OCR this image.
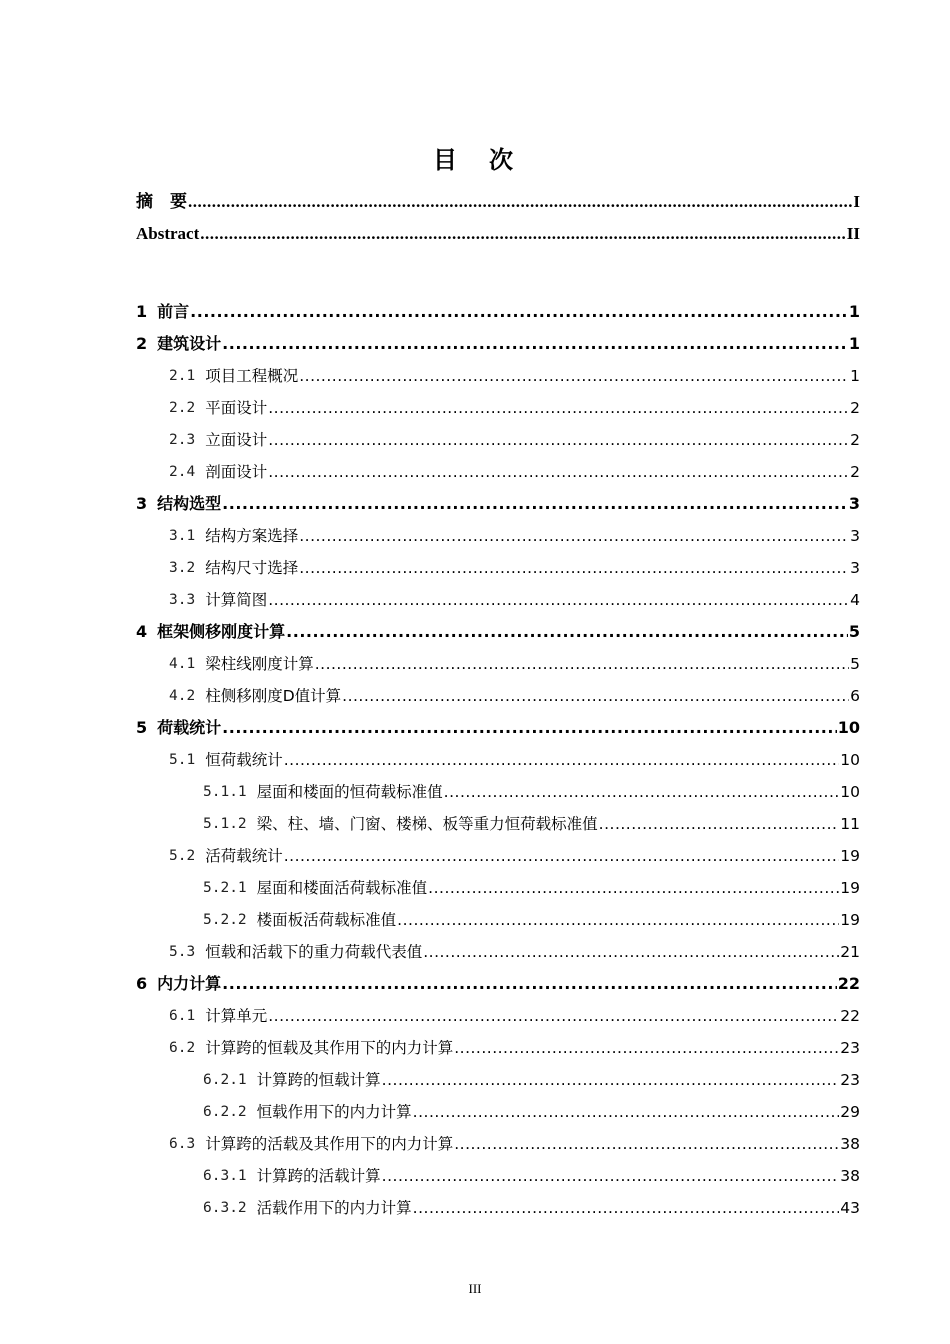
目　次
摘　要 .....	I
Abstract .....	II
1 前言 .....	1
2 建筑设计 .....	1
2.1 项目工程概况 .....	1
2.2 平面设计 .....	2
2.3 立面设计 .....	2
2.4 剖面设计 .....	2
3 结构选型 .....	3
3.1 结构方案选择 .....	3
3.2 结构尺寸选择 .....	3
3.3 计算简图 .....	4
4 框架侧移刚度计算 .....	5
4.1 梁柱线刚度计算 .....	5
4.2 柱侧移刚度D值计算 .....	6
5 荷载统计 .....	10
5.1 恒荷载统计 .....	10
5.1.1 屋面和楼面的恒荷载标准值 .....	10
5.1.2 梁、柱、墙、门窗、楼梯、板等重力恒荷载标准值 .....	11
5.2 活荷载统计 .....	19
5.2.1 屋面和楼面活荷载标准值 .....	19
5.2.2 楼面板活荷载标准值 .....	19
5.3 恒载和活载下的重力荷载代表值 .....	21
6 内力计算 .....	22
6.1 计算单元 .....	22
6.2 计算跨的恒载及其作用下的内力计算 .....	23
6.2.1 计算跨的恒载计算 .....	23
6.2.2 恒载作用下的内力计算 .....	29
6.3 计算跨的活载及其作用下的内力计算 .....	38
6.3.1 计算跨的活载计算 .....	38
6.3.2 活载作用下的内力计算 .....	43
III
